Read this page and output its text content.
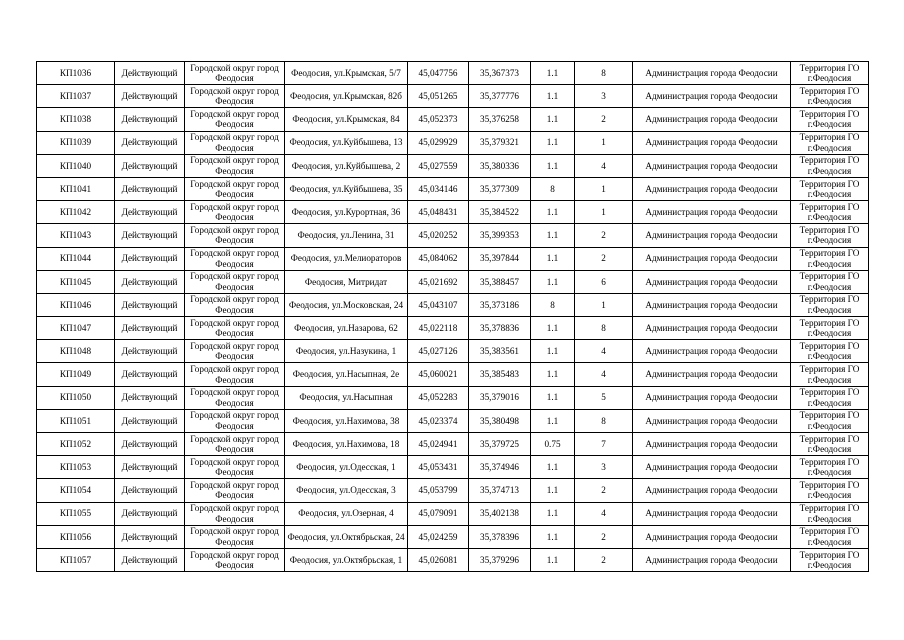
КП1036	Действующий	Городской округ город Феодосия	Феодосия, ул.Крымская, 5/7	45,047756	35,367373	1.1	8	Администрация города Феодосии	Территория ГО г.Феодосия
КП1037	Действующий	Городской округ город Феодосия	Феодосия, ул.Крымская, 82б	45,051265	35,377776	1.1	3	Администрация города Феодосии	Территория ГО г.Феодосия
КП1038	Действующий	Городской округ город Феодосия	Феодосия, ул.Крымская, 84	45,052373	35,376258	1.1	2	Администрация города Феодосии	Территория ГО г.Феодосия
КП1039	Действующий	Городской округ город Феодосия	Феодосия, ул.Куйбышева, 13	45,029929	35,379321	1.1	1	Администрация города Феодосии	Территория ГО г.Феодосия
КП1040	Действующий	Городской округ город Феодосия	Феодосия, ул.Куйбышева, 2	45,027559	35,380336	1.1	4	Администрация города Феодосии	Территория ГО г.Феодосия
КП1041	Действующий	Городской округ город Феодосия	Феодосия, ул.Куйбышева, 35	45,034146	35,377309	8	1	Администрация города Феодосии	Территория ГО г.Феодосия
КП1042	Действующий	Городской округ город Феодосия	Феодосия, ул.Курортная, 36	45,048431	35,384522	1.1	1	Администрация города Феодосии	Территория ГО г.Феодосия
КП1043	Действующий	Городской округ город Феодосия	Феодосия, ул.Ленина, 31	45,020252	35,399353	1.1	2	Администрация города Феодосии	Территория ГО г.Феодосия
КП1044	Действующий	Городской округ город Феодосия	Феодосия, ул.Мелиораторов	45,084062	35,397844	1.1	2	Администрация города Феодосии	Территория ГО г.Феодосия
КП1045	Действующий	Городской округ город Феодосия	Феодосия, Митридат	45,021692	35,388457	1.1	6	Администрация города Феодосии	Территория ГО г.Феодосия
КП1046	Действующий	Городской округ город Феодосия	Феодосия, ул.Московская, 24	45,043107	35,373186	8	1	Администрация города Феодосии	Территория ГО г.Феодосия
КП1047	Действующий	Городской округ город Феодосия	Феодосия, ул.Назарова, 62	45,022118	35,378836	1.1	8	Администрация города Феодосии	Территория ГО г.Феодосия
КП1048	Действующий	Городской округ город Феодосия	Феодосия, ул.Назукина, 1	45,027126	35,383561	1.1	4	Администрация города Феодосии	Территория ГО г.Феодосия
КП1049	Действующий	Городской округ город Феодосия	Феодосия, ул.Насыпная, 2е	45,060021	35,385483	1.1	4	Администрация города Феодосии	Территория ГО г.Феодосия
КП1050	Действующий	Городской округ город Феодосия	Феодосия, ул.Насыпная	45,052283	35,379016	1.1	5	Администрация города Феодосии	Территория ГО г.Феодосия
КП1051	Действующий	Городской округ город Феодосия	Феодосия, ул.Нахимова, 38	45,023374	35,380498	1.1	8	Администрация города Феодосии	Территория ГО г.Феодосия
КП1052	Действующий	Городской округ город Феодосия	Феодосия, ул.Нахимова, 18	45,024941	35,379725	0.75	7	Администрация города Феодосии	Территория ГО г.Феодосия
КП1053	Действующий	Городской округ город Феодосия	Феодосия, ул.Одесская, 1	45,053431	35,374946	1.1	3	Администрация города Феодосии	Территория ГО г.Феодосия
КП1054	Действующий	Городской округ город Феодосия	Феодосия, ул.Одесская, 3	45,053799	35,374713	1.1	2	Администрация города Феодосии	Территория ГО г.Феодосия
КП1055	Действующий	Городской округ город Феодосия	Феодосия, ул.Озерная, 4	45,079091	35,402138	1.1	4	Администрация города Феодосии	Территория ГО г.Феодосия
КП1056	Действующий	Городской округ город Феодосия	Феодосия, ул.Октябрьская, 24	45,024259	35,378396	1.1	2	Администрация города Феодосии	Территория ГО г.Феодосия
КП1057	Действующий	Городской округ город Феодосия	Феодосия, ул.Октябрьская, 1	45,026081	35,379296	1.1	2	Администрация города Феодосии	Территория ГО г.Феодосия
